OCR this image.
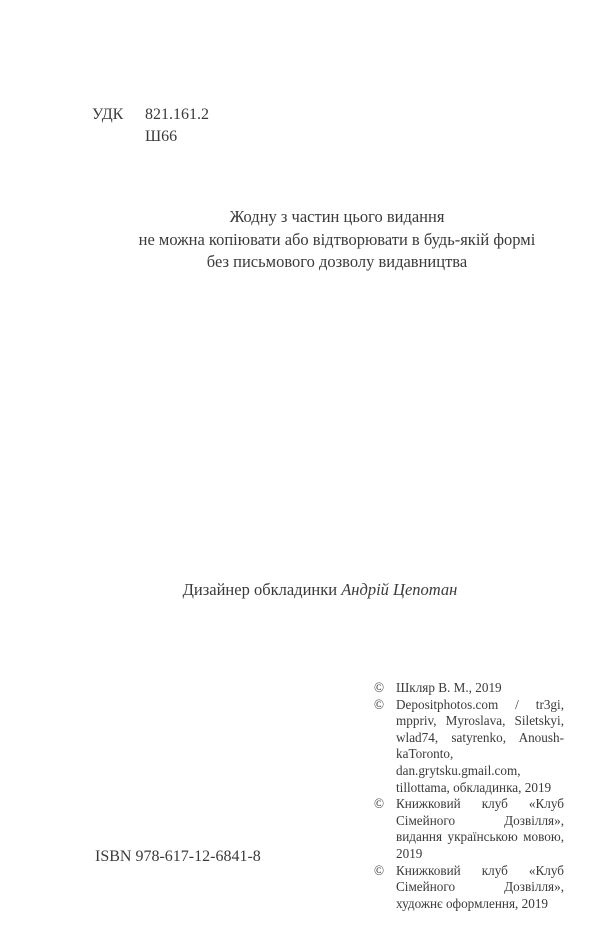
УДК	821.161.2
Ш66
Жодну з частин цього видання
не можна копіювати або відтворювати в будь-якій формі
без письмового дозволу видавництва
Дизайнер обкладинки Андрій Цепотан
© Шкляр В. М., 2019
© Depositphotos.com / tr3gi, mppriv, Myroslava, Siletskyi, wlad74, satyrenko, Anoush-kaToronto, dan.grytsku.gmail.com, tillottama, обкладинка, 2019
© Книжковий клуб «Клуб Сімейного Дозвілля», видання українською мовою, 2019
© Книжковий клуб «Клуб Сімейного Дозвілля», художнє оформлення, 2019
ISBN 978-617-12-6841-8
